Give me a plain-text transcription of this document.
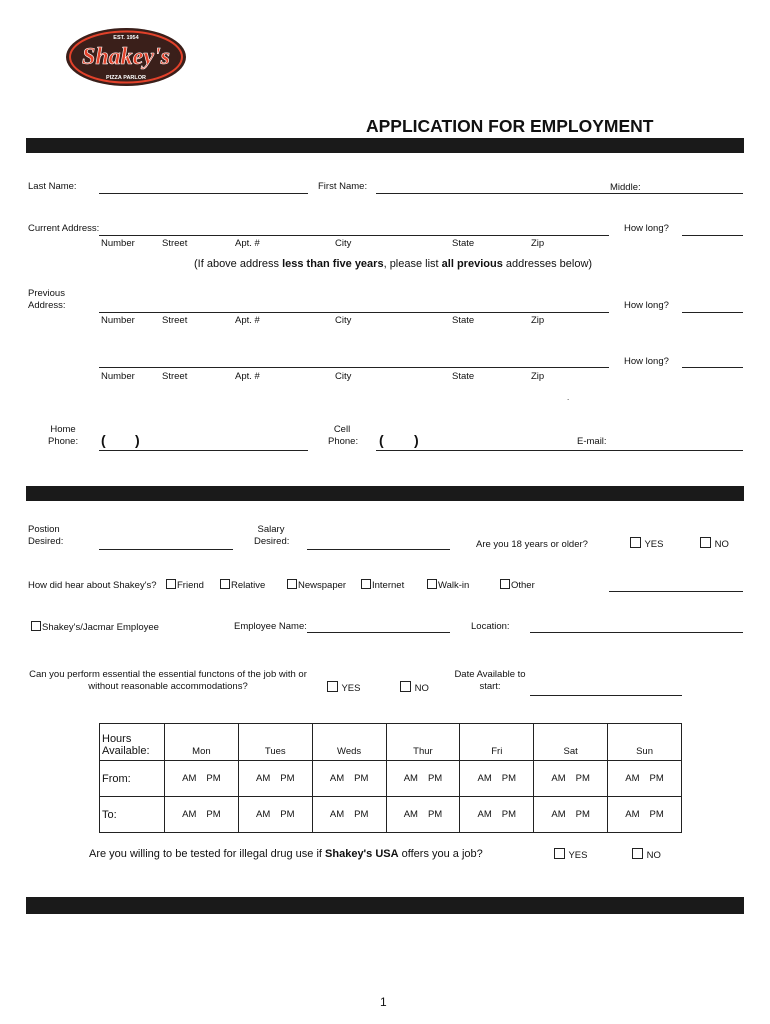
EST. 1954
Shakey's
PIZZA PARLOR
APPLICATION FOR EMPLOYMENT
Last Name:	First Name:	Middle:
Current Address:	How long?
Number	Street	Apt. #	City	State	Zip
(If above address less than five years, please list all previous addresses below)
Previous
Address:	How long?
Number	Street	Apt. #	City	State	Zip
How long?
Number	Street	Apt. #	City	State	Zip
.
Home
Phone: ( )
Cell
Phone: ( )	E-mail:
Postion
Desired:
Salary
Desired:	Are you 18 years or older?	YES	NO
How did hear about Shakey's?	Friend	Relative	Newspaper	Internet	Walk-in	Other
Shakey's/Jacmar Employee	Employee Name:	Location:
Can you perform essential the essential functons of the job with or
without reasonable accommodations?	YES	NO
Date Available to
start:
Hours
Available:	Mon	Tues	Weds	Thur	Fri	Sat	Sun
From:	AM PM	AM PM	AM PM	AM PM	AM PM	AM PM	AM PM
To:	AM PM	AM PM	AM PM	AM PM	AM PM	AM PM	AM PM
Are you willing to be tested for illegal drug use if Shakey's USA offers you a job?	YES	NO
1
